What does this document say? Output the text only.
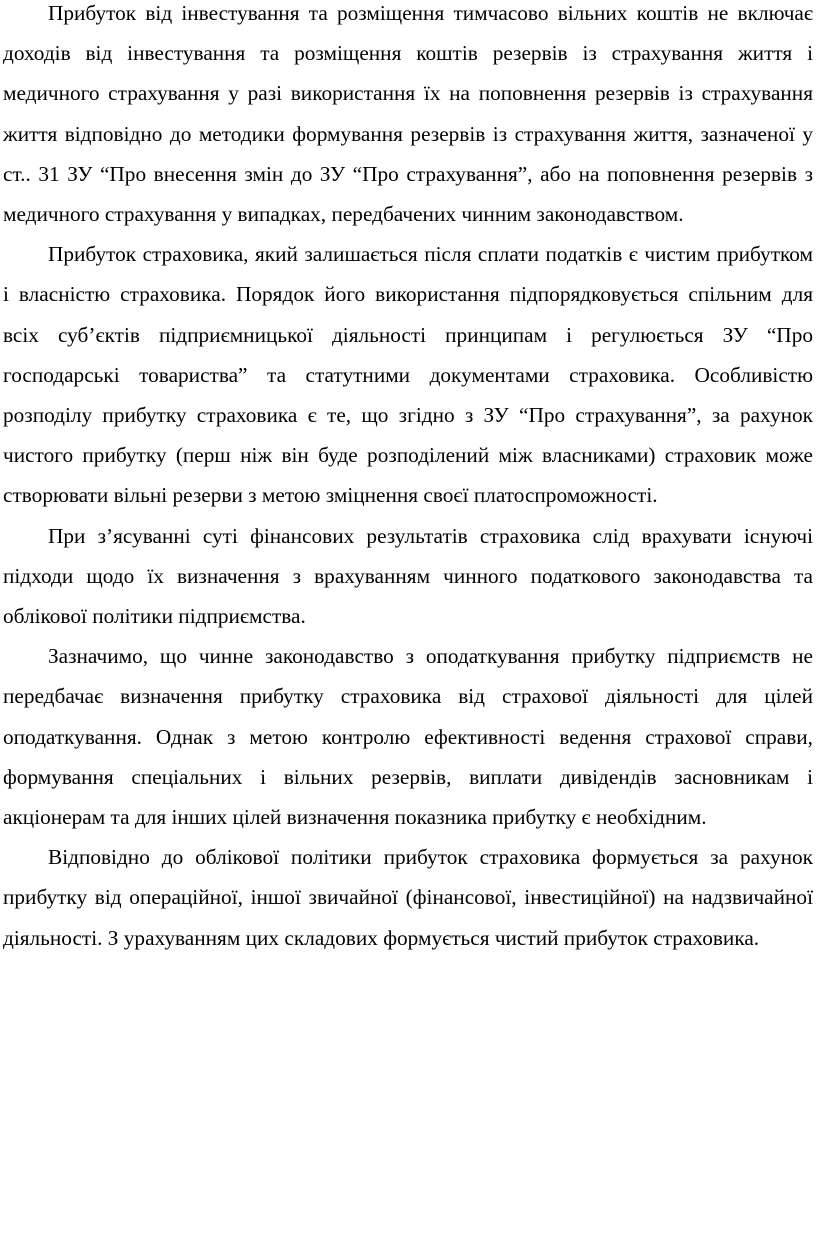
Прибуток від інвестування та розміщення тимчасово вільних коштів не включає доходів від інвестування та розміщення коштів резервів із страхування життя і медичного страхування у разі використання їх на поповнення резервів із страхування життя відповідно до методики формування резервів із страхування життя, зазначеної у ст.. 31 ЗУ “Про внесення змін до ЗУ “Про страхування”, або на поповнення резервів з медичного страхування у випадках, передбачених чинним законодавством.

Прибуток страховика, який залишається після сплати податків є чистим прибутком і власністю страховика. Порядок його використання підпорядковується спільним для всіх суб’єктів підприємницької діяльності принципам і регулюється ЗУ “Про господарські товариства” та статутними документами страховика. Особливістю розподілу прибутку страховика є те, що згідно з ЗУ “Про страхування”, за рахунок чистого прибутку (перш ніж він буде розподілений між власниками) страховик може створювати вільні резерви з метою зміцнення своєї платоспроможності.

При з’ясуванні суті фінансових результатів страховика слід врахувати існуючі підходи щодо їх визначення з врахуванням чинного податкового законодавства та облікової політики підприємства.

Зазначимо, що чинне законодавство з оподаткування прибутку підприємств не передбачає визначення прибутку страховика від страхової діяльності для цілей оподаткування. Однак з метою контролю ефективності ведення страхової справи, формування спеціальних і вільних резервів, виплати дивідендів засновникам і акціонерам та для інших цілей визначення показника прибутку є необхідним.

Відповідно до облікової політики прибуток страховика формується за рахунок прибутку від операційної, іншої звичайної (фінансової, інвестиційної) на надзвичайної діяльності. З урахуванням цих складових формується чистий прибуток страховика.
